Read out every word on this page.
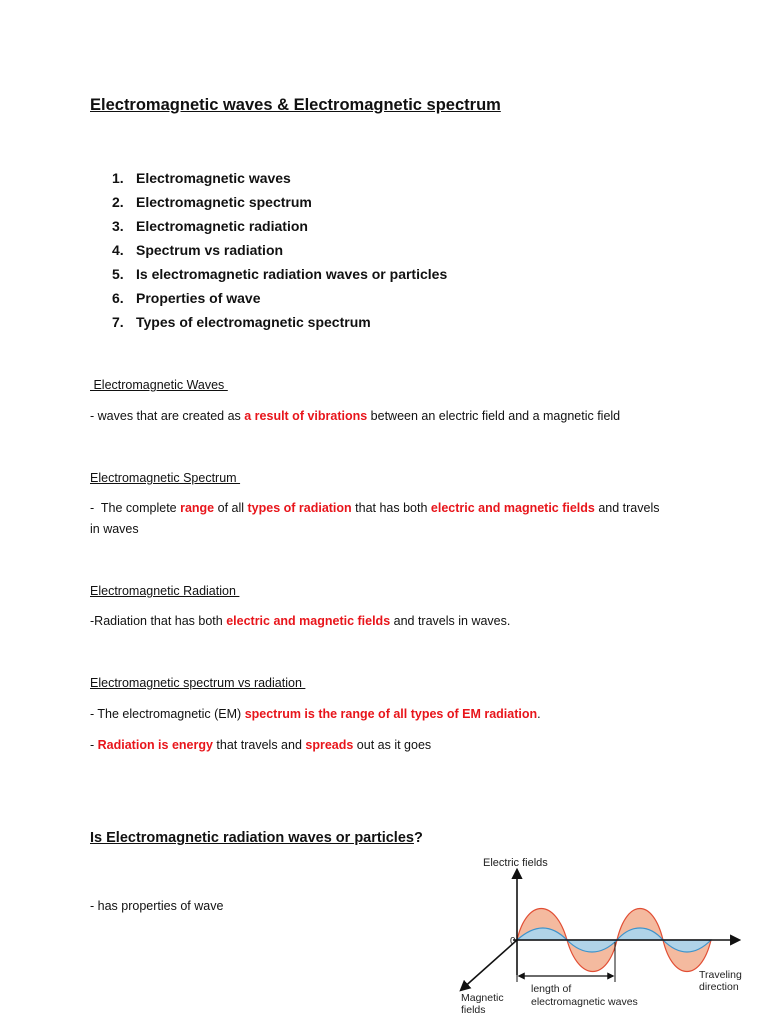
Electromagnetic waves & Electromagnetic spectrum
1. Electromagnetic waves
2. Electromagnetic spectrum
3. Electromagnetic radiation
4. Spectrum vs radiation
5. Is electromagnetic radiation waves or particles
6. Properties of wave
7. Types of electromagnetic spectrum
Electromagnetic Waves

- waves that are created as a result of vibrations between an electric field and a magnetic field

Electromagnetic Spectrum

-  The complete range of all types of radiation that has both electric and magnetic fields and travels in waves

Electromagnetic Radiation

-Radiation that has both electric and magnetic fields and travels in waves.

Electromagnetic spectrum vs radiation

- The electromagnetic (EM) spectrum is the range of all types of EM radiation.

- Radiation is energy that travels and spreads out as it goes

Is Electromagnetic radiation waves or particles?

- has properties of wave

Electric fields
0
Magnetic
fields
length of
electromagnetic waves
Traveling
direction
